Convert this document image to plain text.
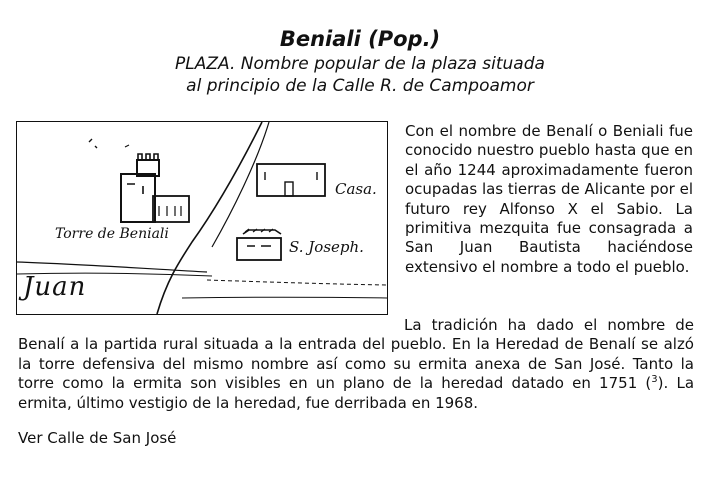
Beniali (Pop.)
PLAZA. Nombre popular de la plaza situada
al principio de la Calle R. de Campoamor
Casa.
Torre de Beniali
S. Joseph.
Juan

Con el nombre de Benalí o Beniali fue conocido nuestro pueblo hasta que en el año 1244 aproximadamente fueron ocupadas las tierras de Alicante por el futuro rey Alfonso X el Sabio. La primitiva mezquita fue consagrada a San Juan Bautista haciéndose extensivo el nombre a todo el pueblo.

La tradición ha dado el nombre de Benalí a la partida rural situada a la entrada del pueblo. En la Heredad de Benalí se alzó la torre defensiva del mismo nombre así como su ermita anexa de San José. Tanto la torre como la ermita son visibles en un plano de la heredad datado en 1751 ($^3$). La ermita, último vestigio de la heredad, fue derribada en 1968.

Ver Calle de San José
